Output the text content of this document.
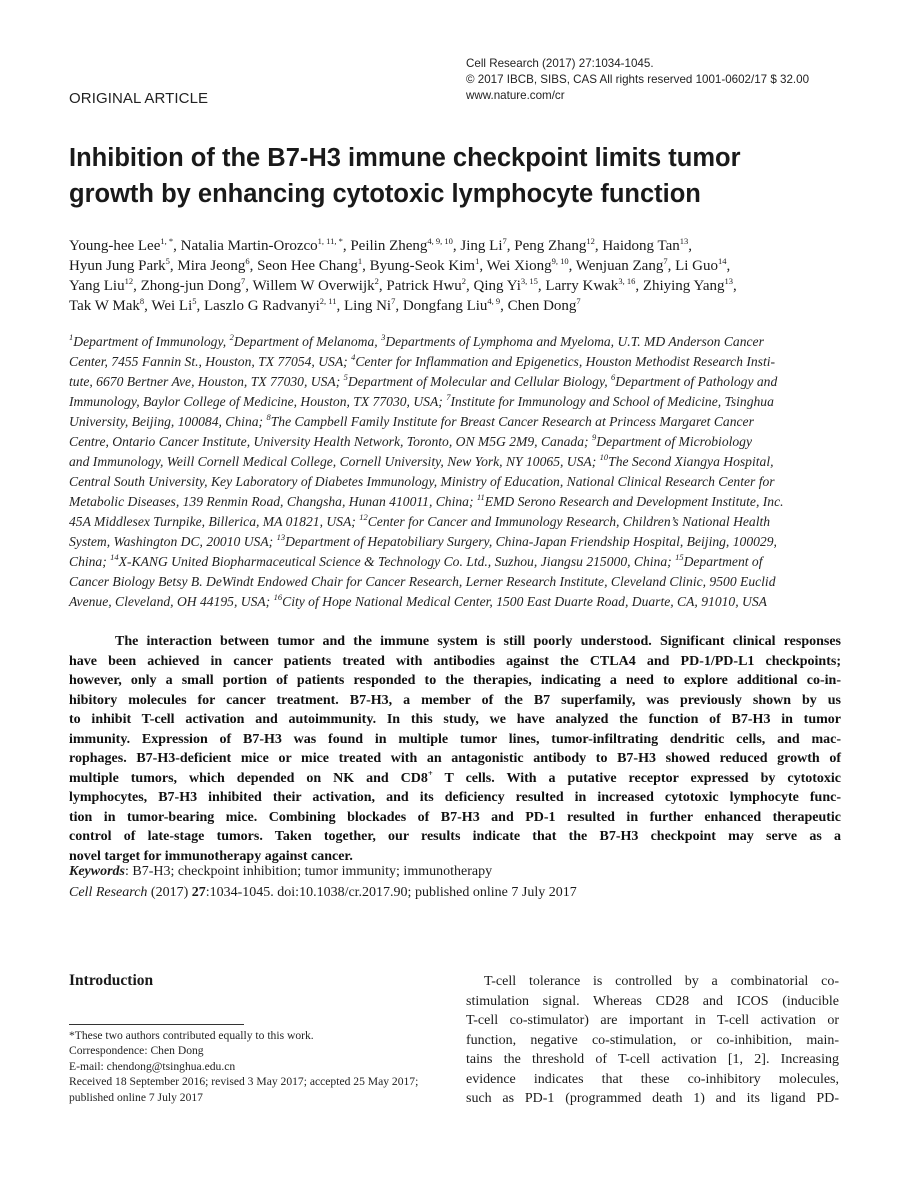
Cell Research (2017) 27:1034-1045.
© 2017 IBCB, SIBS, CAS All rights reserved 1001-0602/17 $ 32.00
www.nature.com/cr
ORIGINAL ARTICLE
Inhibition of the B7-H3 immune checkpoint limits tumor
growth by enhancing cytotoxic lymphocyte function
Young-hee Lee$^{1, *}$, Natalia Martin-Orozco$^{1, 11, *}$, Peilin Zheng$^{4, 9, 10}$, Jing Li$^7$, Peng Zhang$^{12}$, Haidong Tan$^{13}$,
Hyun Jung Park$^5$, Mira Jeong$^6$, Seon Hee Chang$^1$, Byung-Seok Kim$^1$, Wei Xiong$^{9, 10}$, Wenjuan Zang$^7$, Li Guo$^{14}$,
Yang Liu$^{12}$, Zhong-jun Dong$^7$, Willem W Overwijk$^2$, Patrick Hwu$^2$, Qing Yi$^{3, 15}$, Larry Kwak$^{3, 16}$, Zhiying Yang$^{13}$,
Tak W Mak$^8$, Wei Li$^5$, Laszlo G Radvanyi$^{2, 11}$, Ling Ni$^7$, Dongfang Liu$^{4, 9}$, Chen Dong$^7$
$^1$Department of Immunology, $^2$Department of Melanoma, $^3$Departments of Lymphoma and Myeloma, U.T. MD Anderson Cancer
Center, 7455 Fannin St., Houston, TX 77054, USA; $^4$Center for Inflammation and Epigenetics, Houston Methodist Research Insti-
tute, 6670 Bertner Ave, Houston, TX 77030, USA; $^5$Department of Molecular and Cellular Biology, $^6$Department of Pathology and
Immunology, Baylor College of Medicine, Houston, TX 77030, USA; $^7$Institute for Immunology and School of Medicine, Tsinghua
University, Beijing, 100084, China; $^8$The Campbell Family Institute for Breast Cancer Research at Princess Margaret Cancer
Centre, Ontario Cancer Institute, University Health Network, Toronto, ON M5G 2M9, Canada; $^9$Department of Microbiology
and Immunology, Weill Cornell Medical College, Cornell University, New York, NY 10065, USA; $^{10}$The Second Xiangya Hospital,
Central South University, Key Laboratory of Diabetes Immunology, Ministry of Education, National Clinical Research Center for
Metabolic Diseases, 139 Renmin Road, Changsha, Hunan 410011, China; $^{11}$EMD Serono Research and Development Institute, Inc.
45A Middlesex Turnpike, Billerica, MA 01821, USA; $^{12}$Center for Cancer and Immunology Research, Children’s National Health
System, Washington DC, 20010 USA; $^{13}$Department of Hepatobiliary Surgery, China-Japan Friendship Hospital, Beijing, 100029,
China; $^{14}$X-KANG United Biopharmaceutical Science & Technology Co. Ltd., Suzhou, Jiangsu 215000, China; $^{15}$Department of
Cancer Biology Betsy B. DeWindt Endowed Chair for Cancer Research, Lerner Research Institute, Cleveland Clinic, 9500 Euclid
Avenue, Cleveland, OH 44195, USA; $^{16}$City of Hope National Medical Center, 1500 East Duarte Road, Duarte, CA, 91010, USA
The interaction between tumor and the immune system is still poorly understood. Significant clinical responses
have been achieved in cancer patients treated with antibodies against the CTLA4 and PD-1/PD-L1 checkpoints;
however, only a small portion of patients responded to the therapies, indicating a need to explore additional co-in-
hibitory molecules for cancer treatment. B7-H3, a member of the B7 superfamily, was previously shown by us
to inhibit T-cell activation and autoimmunity. In this study, we have analyzed the function of B7-H3 in tumor
immunity. Expression of B7-H3 was found in multiple tumor lines, tumor-infiltrating dendritic cells, and mac-
rophages. B7-H3-deficient mice or mice treated with an antagonistic antibody to B7-H3 showed reduced growth of
multiple tumors, which depended on NK and CD8+ T cells. With a putative receptor expressed by cytotoxic
lymphocytes, B7-H3 inhibited their activation, and its deficiency resulted in increased cytotoxic lymphocyte func-
tion in tumor-bearing mice. Combining blockades of B7-H3 and PD-1 resulted in further enhanced therapeutic
control of late-stage tumors. Taken together, our results indicate that the B7-H3 checkpoint may serve as a
novel target for immunotherapy against cancer.
Keywords: B7-H3; checkpoint inhibition; tumor immunity; immunotherapy
Cell Research (2017) 27:1034-1045. doi:10.1038/cr.2017.90; published online 7 July 2017
Introduction
*These two authors contributed equally to this work.
Correspondence: Chen Dong
E-mail: chendong@tsinghua.edu.cn
Received 18 September 2016; revised 3 May 2017; accepted 25 May 2017;
published online 7 July 2017
T-cell tolerance is controlled by a combinatorial co-
stimulation signal. Whereas CD28 and ICOS (inducible
T-cell co-stimulator) are important in T-cell activation or
function, negative co-stimulation, or co-inhibition, main-
tains the threshold of T-cell activation [1, 2]. Increasing
evidence indicates that these co-inhibitory molecules,
such as PD-1 (programmed death 1) and its ligand PD-
